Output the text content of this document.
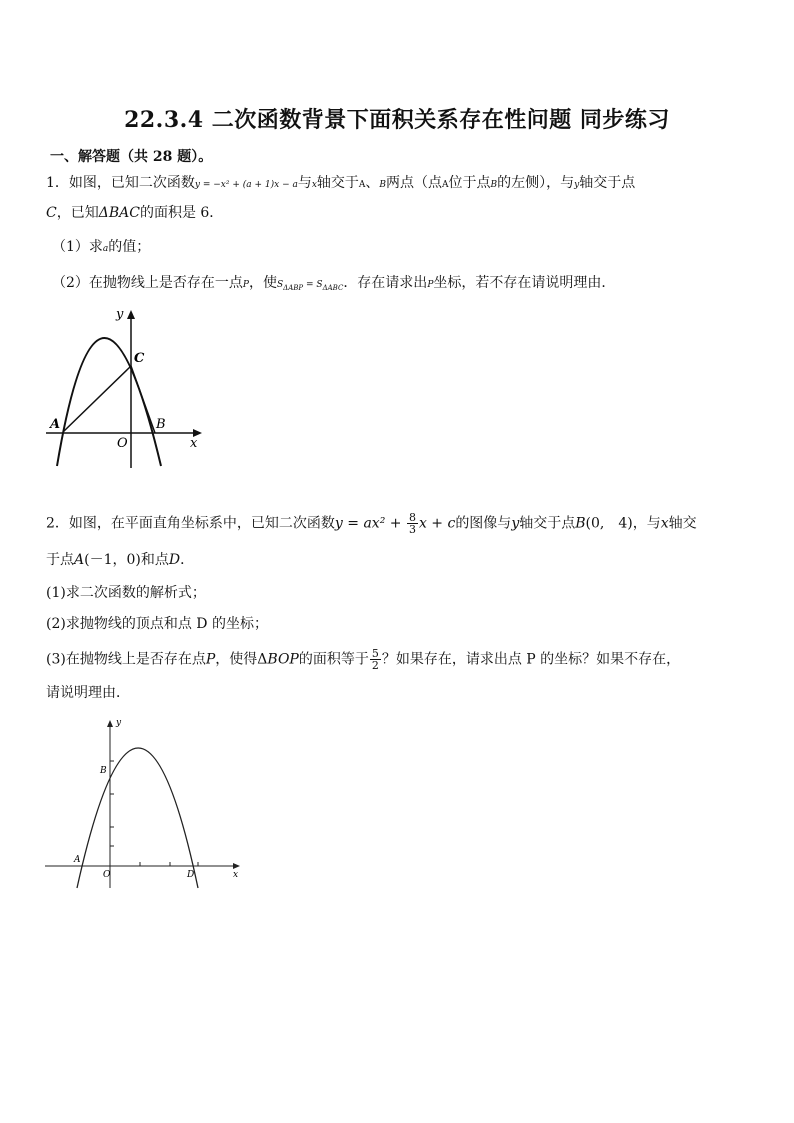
22.3.4 二次函数背景下面积关系存在性问题 同步练习
一、解答题（共 28 题）。
1．如图，已知二次函数y = −x² + (a + 1)x − a与x轴交于A、B两点（点A位于点B的左侧），与y轴交于点
C，已知ΔBAC的面积是 6．
（1）求a的值；
（2）在抛物线上是否存在一点P，使$S_{\Delta ABP} = S_{\Delta ABC}$．存在请求出P坐标，若不存在请说明理由．
y
x
C
A
O
B
2．如图，在平面直角坐标系中，已知二次函数$y = ax^2 + \frac{8}{3}$ x + c的图像与y轴交于点B(0,　4)，与x轴交
于点A(－1，0)和点D．
(1)求二次函数的解析式；
(2)求抛物线的顶点和点 D 的坐标；
(3)在抛物线上是否存在点P，使得ΔBOP的面积等于 $\frac{5}{2}$ ？如果存在，请求出点 P 的坐标？如果不存在，
请说明理由．
y
B
A
O	D	x
